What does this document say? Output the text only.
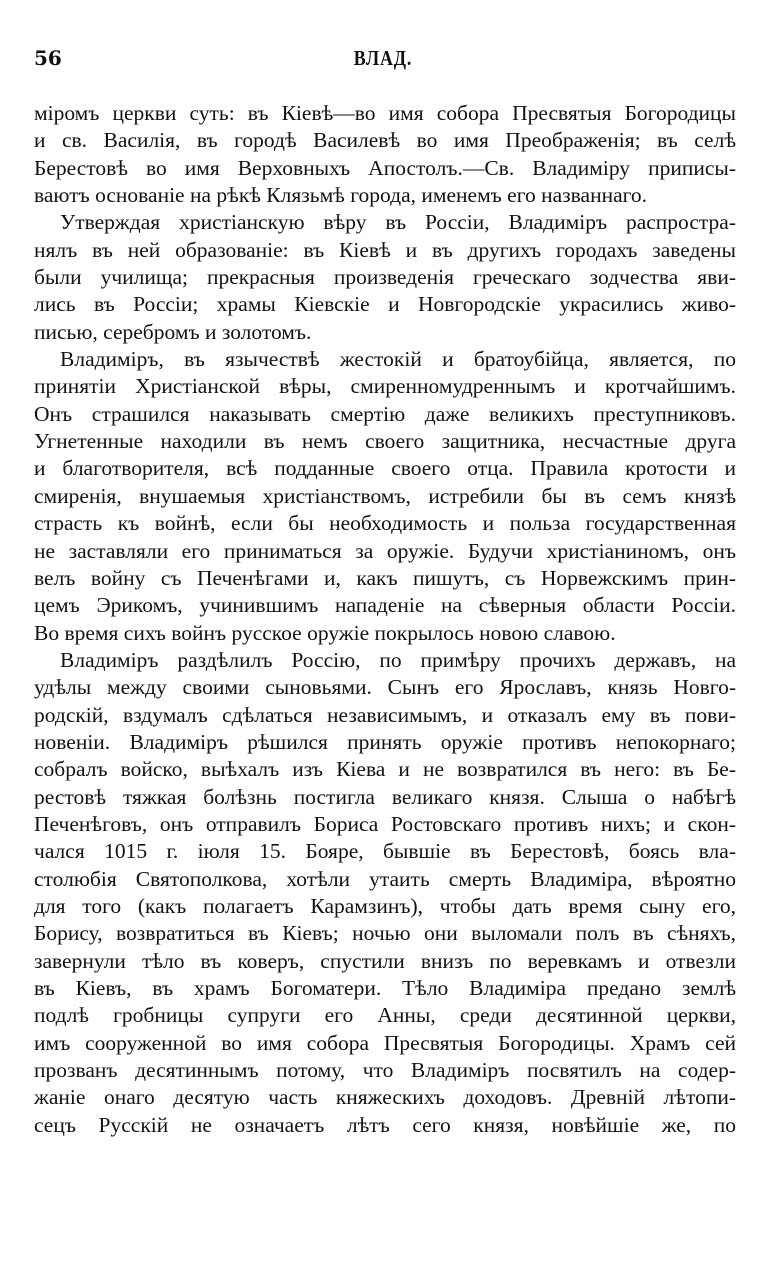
56	ВЛАД.
міромъ церкви суть: въ Кіевѣ—во имя собора Пресвятыя Богородицы
и св. Василія, въ городѣ Василевѣ во имя Преображенія; въ селѣ
Берестовѣ во имя Верховныхъ Апостолъ.—Св. Владиміру приписы-
ваютъ основаніе на рѣкѣ Клязьмѣ города, именемъ его названнаго.
Утверждая христіанскую вѣру въ Россіи, Владиміръ распростра-
нялъ въ ней образованіе: въ Кіевѣ и въ другихъ городахъ заведены
были училища; прекрасныя произведенія греческаго зодчества яви-
лись въ Россіи; храмы Кіевскіе и Новгородскіе украсились живо-
писью, серебромъ и золотомъ.
Владиміръ, въ язычествѣ жестокій и братоубійца, является, по
принятіи Христіанской вѣры, смиренномудреннымъ и кротчайшимъ.
Онъ страшился наказывать смертію даже великихъ преступниковъ.
Угнетенные находили въ немъ своего защитника, несчастные друга
и благотворителя, всѣ подданные своего отца. Правила кротости и
смиренія, внушаемыя христіанствомъ, истребили бы въ семъ князѣ
страсть къ войнѣ, если бы необходимость и польза государственная
не заставляли его приниматься за оружіе. Будучи христіаниномъ, онъ
велъ войну съ Печенѣгами и, какъ пишутъ, съ Норвежскимъ прин-
цемъ Эрикомъ, учинившимъ нападеніе на сѣверныя области Россіи.
Во время сихъ войнъ русское оружіе покрылось новою славою.
Владиміръ раздѣлилъ Россію, по примѣру прочихъ державъ, на
удѣлы между своими сыновьями. Сынъ его Ярославъ, князь Новго-
родскій, вздумалъ сдѣлаться независимымъ, и отказалъ ему въ пови-
новеніи. Владиміръ рѣшился принять оружіе противъ непокорнаго;
собралъ войско, выѣхалъ изъ Кіева и не возвратился въ него: въ Бе-
рестовѣ тяжкая болѣзнь постигла великаго князя. Слыша о набѣгѣ
Печенѣговъ, онъ отправилъ Бориса Ростовскаго противъ нихъ; и скон-
чался 1015 г. іюля 15. Бояре, бывшіе въ Берестовѣ, боясь вла-
столюбія Святополкова, хотѣли утаить смерть Владиміра, вѣроятно
для того (какъ полагаетъ Карамзинъ), чтобы дать время сыну его,
Борису, возвратиться въ Кіевъ; ночью они выломали полъ въ сѣняхъ,
завернули тѣло въ коверъ, спустили внизъ по веревкамъ и отвезли
въ Кіевъ, въ храмъ Богоматери. Тѣло Владиміра предано землѣ
подлѣ гробницы супруги его Анны, среди десятинной церкви,
имъ сооруженной во имя собора Пресвятыя Богородицы. Храмъ сей
прозванъ десятиннымъ потому, что Владиміръ посвятилъ на содер-
жаніе онаго десятую часть княжескихъ доходовъ. Древній лѣтопи-
сецъ Русскій не означаетъ лѣтъ сего князя, новѣйшіе же, по
